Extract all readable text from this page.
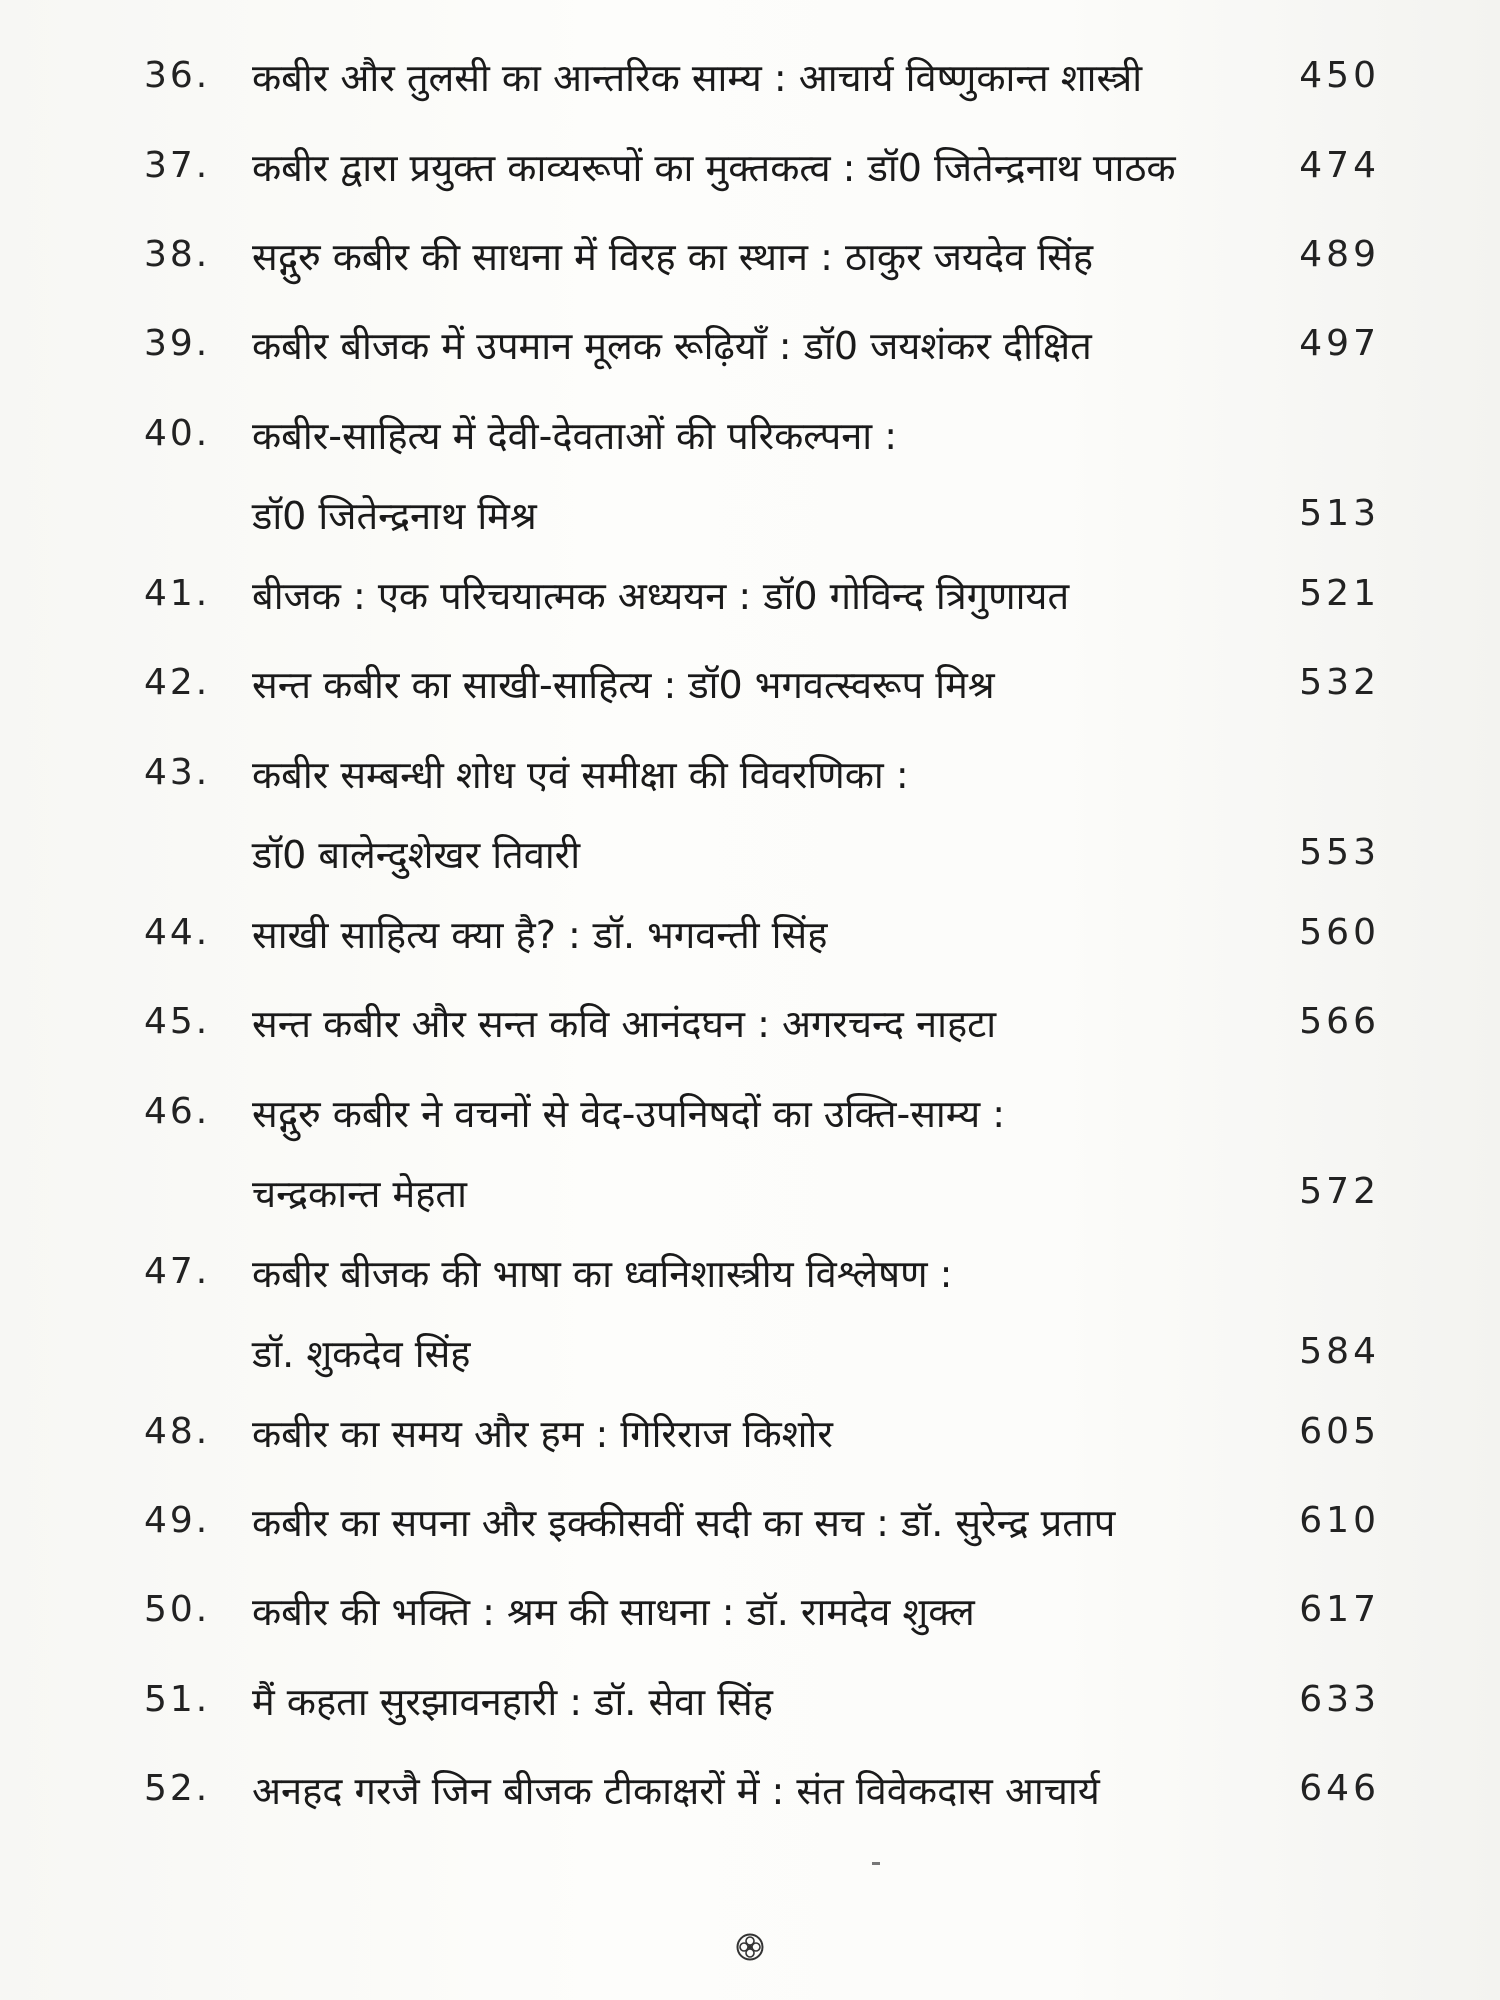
36. कबीर और तुलसी का आन्तरिक साम्य : आचार्य विष्णुकान्त शास्त्री	450
37. कबीर द्वारा प्रयुक्त काव्यरूपों का मुक्तकत्व : डॉ0 जितेन्द्रनाथ पाठक	474
38. सद्गुरु कबीर की साधना में विरह का स्थान : ठाकुर जयदेव सिंह	489
39. कबीर बीजक में उपमान मूलक रूढ़ियाँ : डॉ0 जयशंकर दीक्षित	497
40. कबीर-साहित्य में देवी-देवताओं की परिकल्पना :
डॉ0 जितेन्द्रनाथ मिश्र	513
41. बीजक : एक परिचयात्मक अध्ययन : डॉ0 गोविन्द त्रिगुणायत	521
42. सन्त कबीर का साखी-साहित्य : डॉ0 भगवत्स्वरूप मिश्र	532
43. कबीर सम्बन्धी शोध एवं समीक्षा की विवरणिका :
डॉ0 बालेन्दुशेखर तिवारी	553
44. साखी साहित्य क्या है? : डॉ. भगवन्ती सिंह	560
45. सन्त कबीर और सन्त कवि आनंदघन : अगरचन्द नाहटा	566
46. सद्गुरु कबीर ने वचनों से वेद-उपनिषदों का उक्ति-साम्य :
चन्द्रकान्त मेहता	572
47. कबीर बीजक की भाषा का ध्वनिशास्त्रीय विश्लेषण :
डॉ. शुकदेव सिंह	584
48. कबीर का समय और हम : गिरिराज किशोर	605
49. कबीर का सपना और इक्कीसवीं सदी का सच : डॉ. सुरेन्द्र प्रताप	610
50. कबीर की भक्ति : श्रम की साधना : डॉ. रामदेव शुक्ल	617
51. मैं कहता सुरझावनहारी : डॉ. सेवा सिंह	633
52. अनहद गरजै जिन बीजक टीकाक्षरों में : संत विवेकदास आचार्य	646
